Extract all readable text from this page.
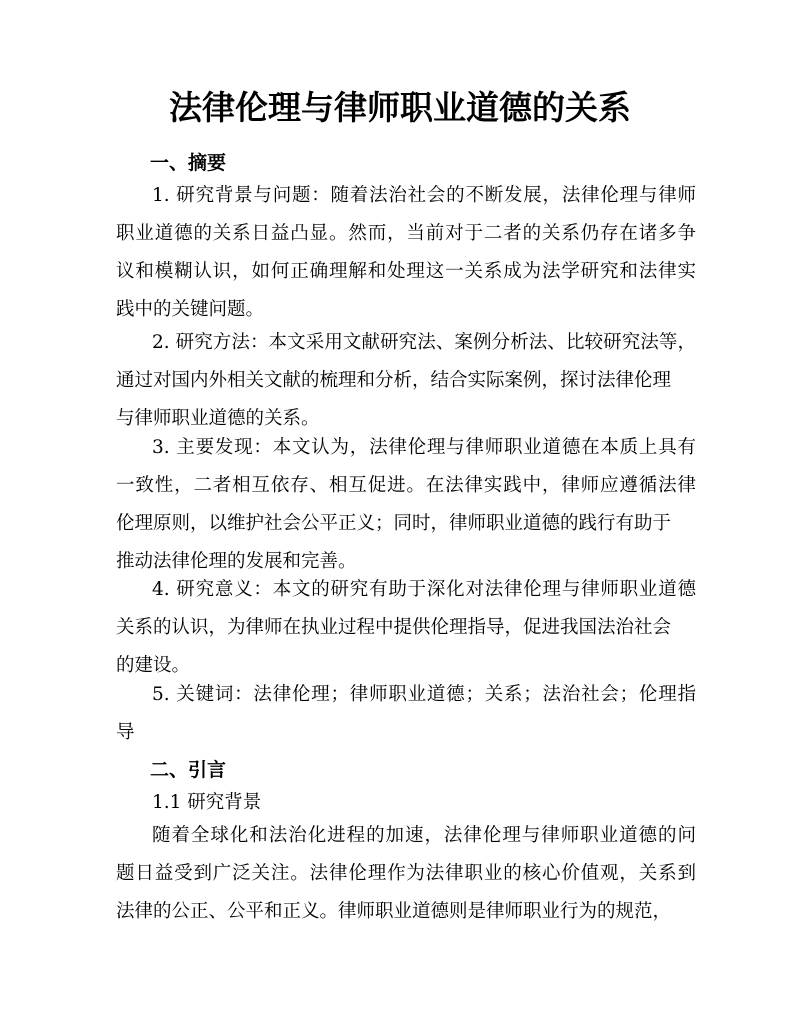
法律伦理与律师职业道德的关系
一、摘要

1. 研究背景与问题：随着法治社会的不断发展，法律伦理与律师
职业道德的关系日益凸显。然而，当前对于二者的关系仍存在诸多争
议和模糊认识，如何正确理解和处理这一关系成为法学研究和法律实
践中的关键问题。

2. 研究方法：本文采用文献研究法、案例分析法、比较研究法等，
通过对国内外相关文献的梳理和分析，结合实际案例，探讨法律伦理
与律师职业道德的关系。

3. 主要发现：本文认为，法律伦理与律师职业道德在本质上具有
一致性，二者相互依存、相互促进。在法律实践中，律师应遵循法律
伦理原则，以维护社会公平正义；同时，律师职业道德的践行有助于
推动法律伦理的发展和完善。

4. 研究意义：本文的研究有助于深化对法律伦理与律师职业道德
关系的认识，为律师在执业过程中提供伦理指导，促进我国法治社会
的建设。

5. 关键词：法律伦理；律师职业道德；关系；法治社会；伦理指
导

二、引言

1.1 研究背景

随着全球化和法治化进程的加速，法律伦理与律师职业道德的问
题日益受到广泛关注。法律伦理作为法律职业的核心价值观，关系到
法律的公正、公平和正义。律师职业道德则是律师职业行为的规范，
